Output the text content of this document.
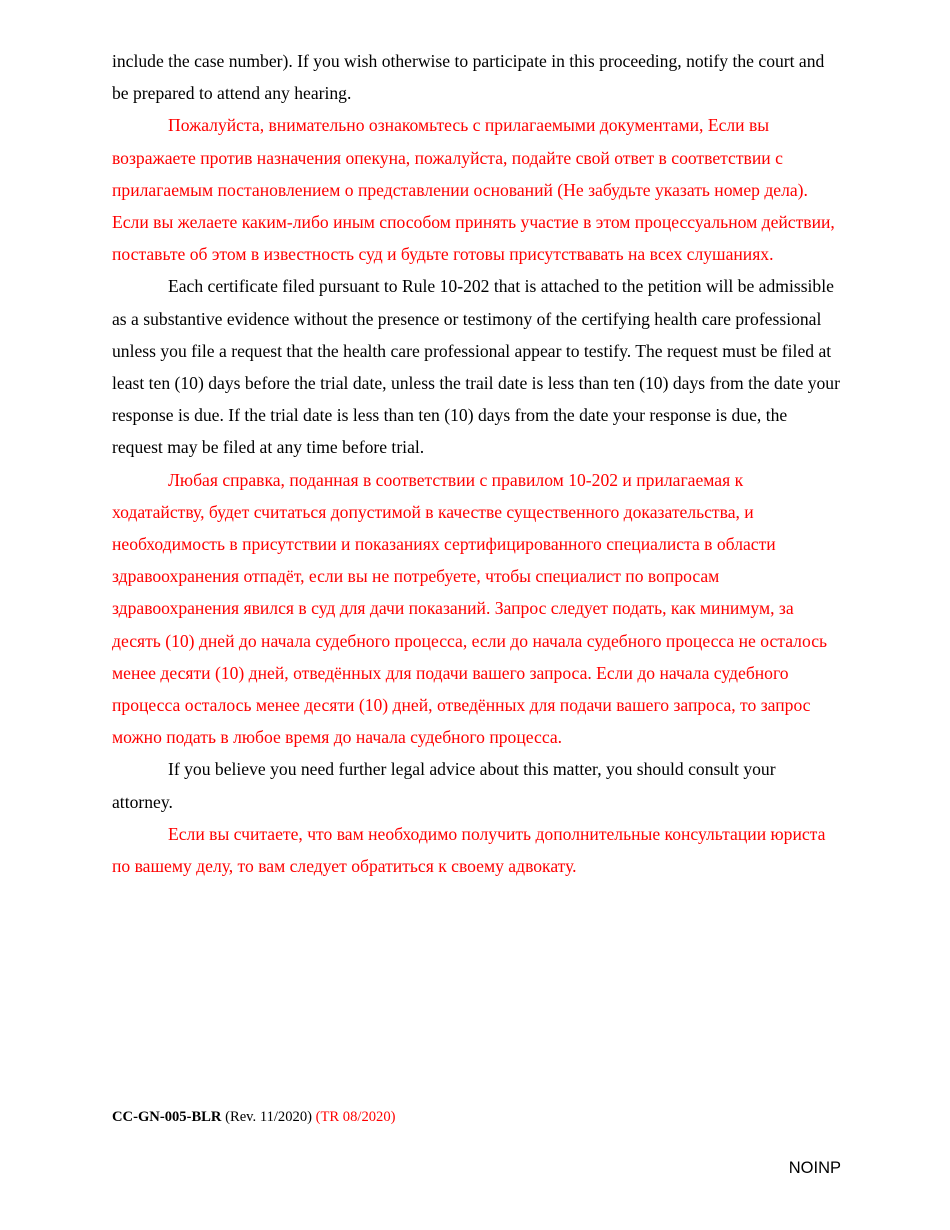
include the case number). If you wish otherwise to participate in this proceeding, notify the court and be prepared to attend any hearing.

Пожалуйста, внимательно ознакомьтесь с прилагаемыми документами, Если вы возражаете против назначения опекуна, пожалуйста, подайте свой ответ в соответствии с прилагаемым постановлением о представлении оснований (Не забудьте указать номер дела). Если вы желаете каким-либо иным способом принять участие в этом процессуальном действии, поставьте об этом в известность суд и будьте готовы присутствавать на всех слушаниях.

Each certificate filed pursuant to Rule 10-202 that is attached to the petition will be admissible as a substantive evidence without the presence or testimony of the certifying health care professional unless you file a request that the health care professional appear to testify. The request must be filed at least ten (10) days before the trial date, unless the trail date is less than ten (10) days from the date your response is due. If the trial date is less than ten (10) days from the date your response is due, the request may be filed at any time before trial.

Любая справка, поданная в соответствии с правилом 10-202 и прилагаемая к ходатайству, будет считаться допустимой в качестве существенного доказательства, и необходимость в присутствии и показаниях сертифицированного специалиста в области здравоохранения отпадёт, если вы не потребуете, чтобы специалист по вопросам здравоохранения явился в суд для дачи показаний. Запрос следует подать, как минимум, за десять (10) дней до начала судебного процесса, если до начала судебного процесса не осталось менее десяти (10) дней, отведённых для подачи вашего запроса. Если до начала судебного процесса осталось менее десяти (10) дней, отведённых для подачи вашего запроса, то запрос можно подать в любое время до начала судебного процесса.

If you believe you need further legal advice about this matter, you should consult your attorney.

Если вы считаете, что вам необходимо получить дополнительные консультации юриста по вашему делу, то вам следует обратиться к своему адвокату.

CC-GN-005-BLR (Rev. 11/2020) (TR 08/2020)
NOINP
